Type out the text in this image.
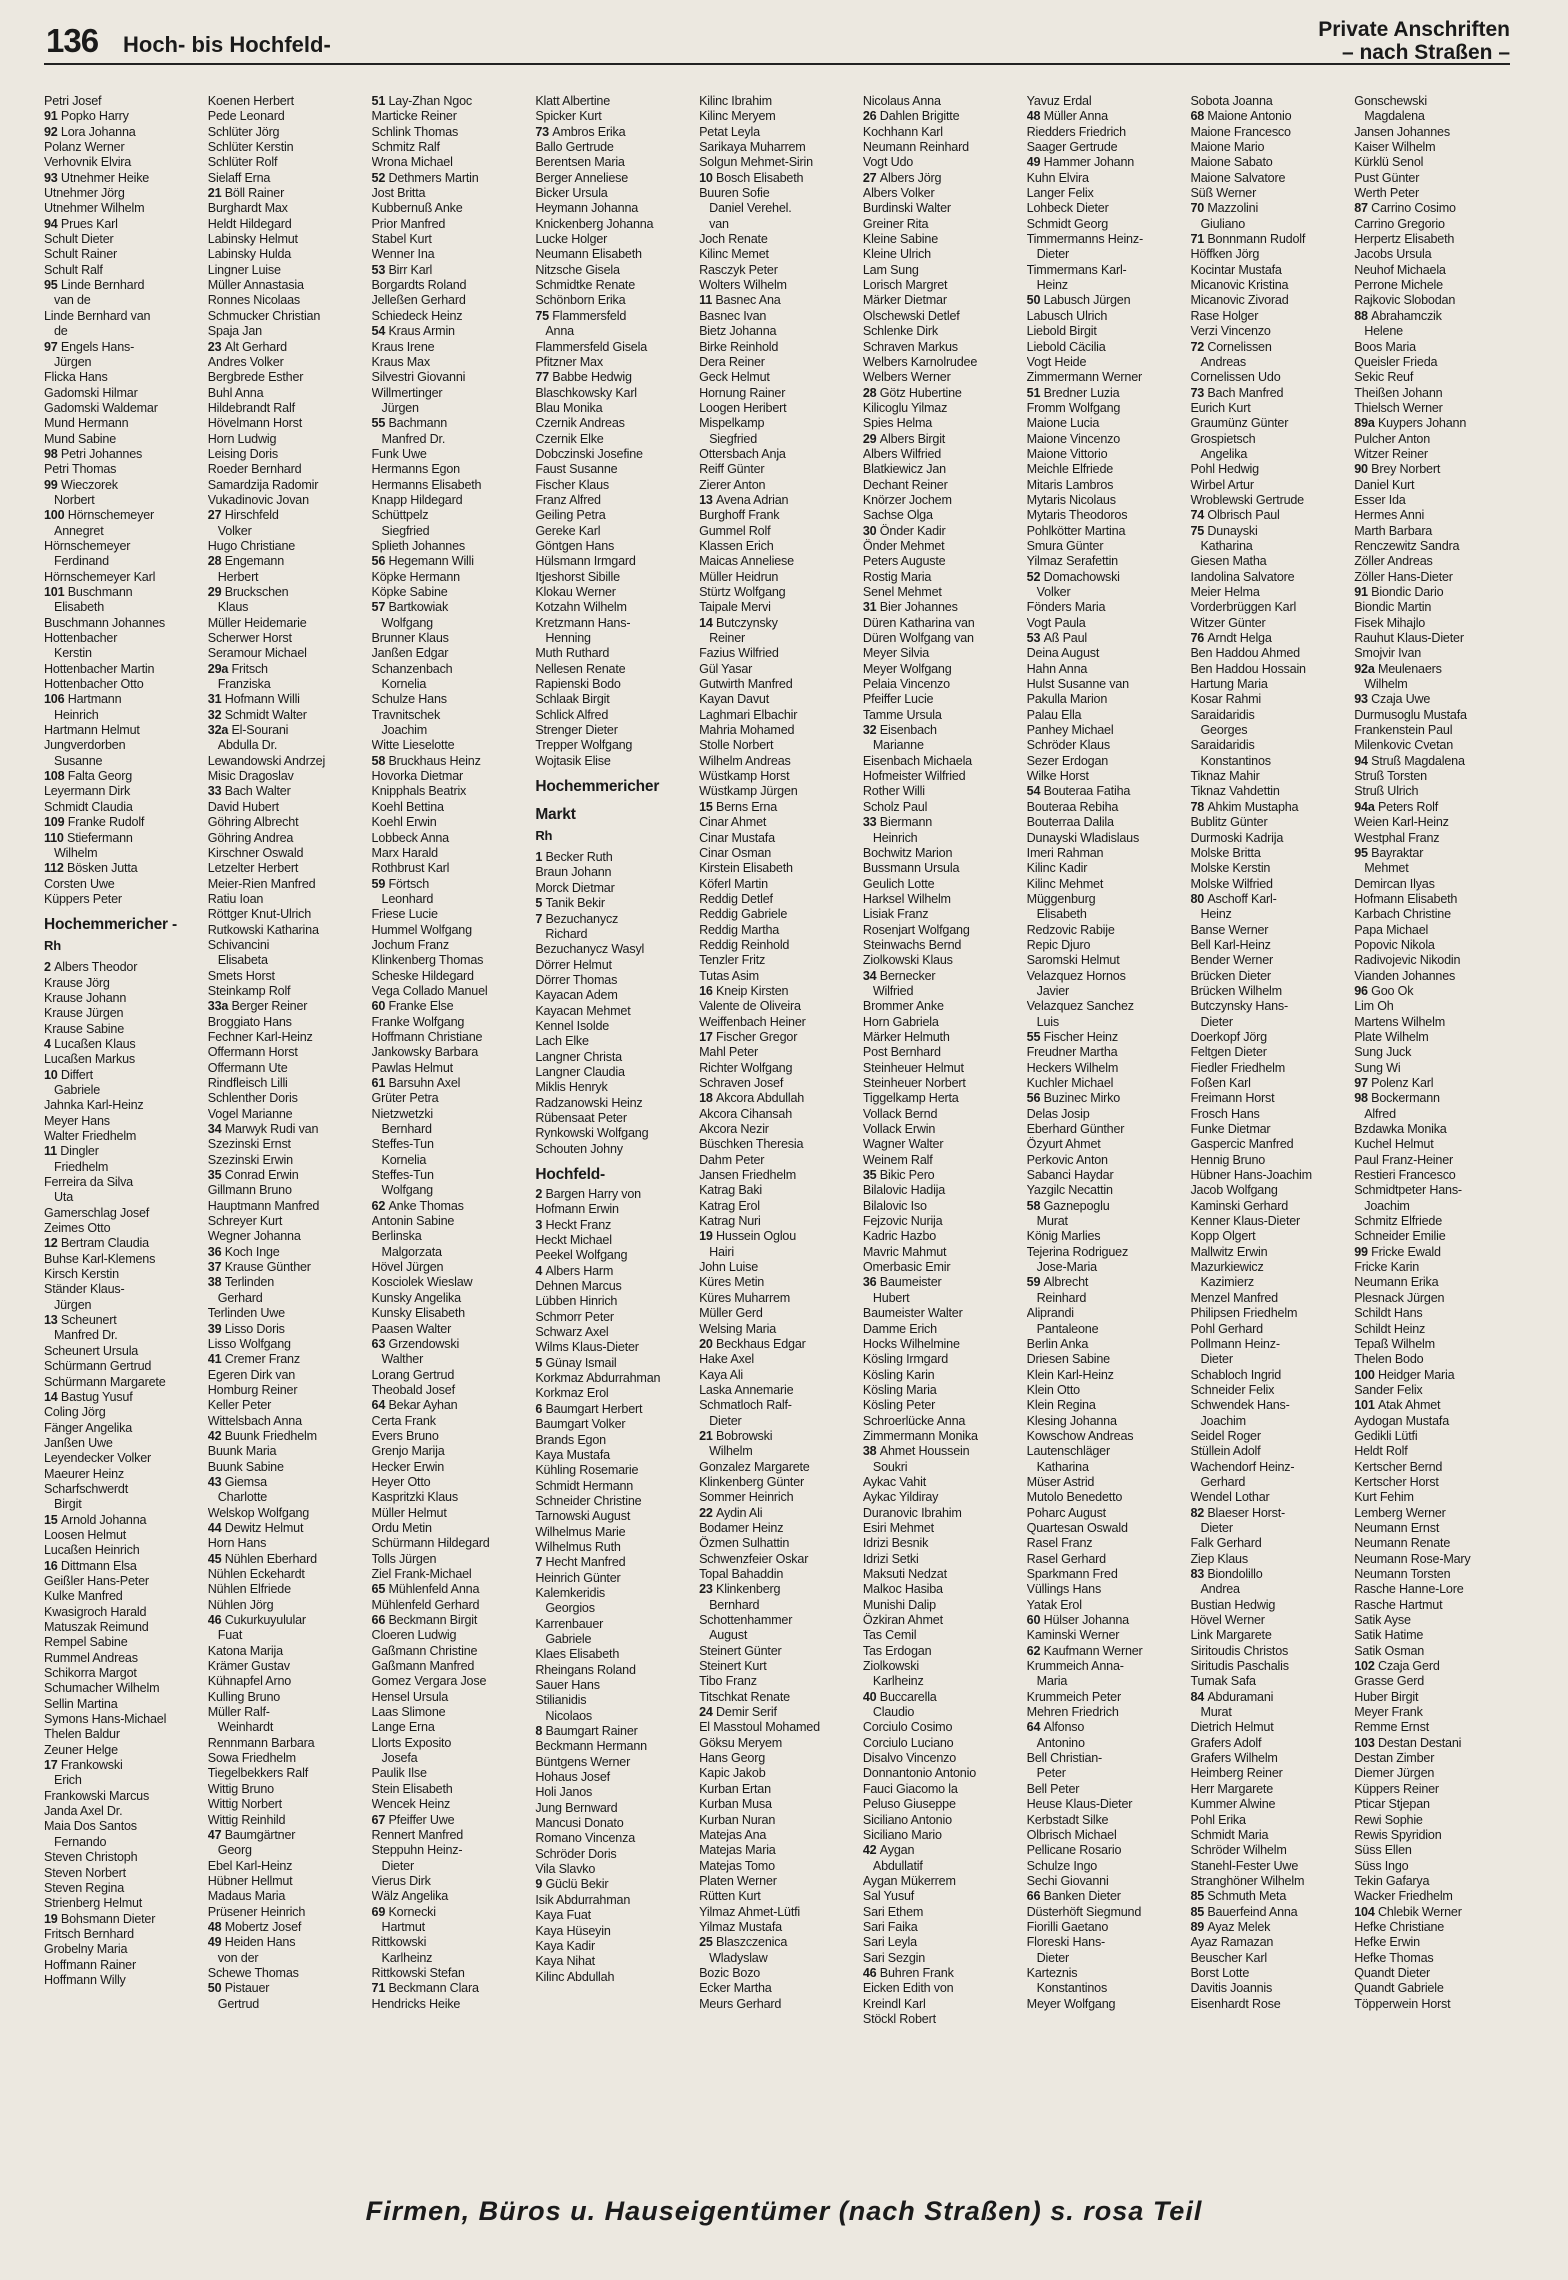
136 Hoch- bis Hochfeld-
Private Anschriften
– nach Straßen –
Petri Josef
91 Popko Harry
92 Lora Johanna
Polanz Werner
Verhovnik Elvira
93 Utnehmer Heike
Utnehmer Jörg
Utnehmer Wilhelm
94 Prues Karl
Schult Dieter
Schult Rainer
Schult Ralf
95 Linde Bernhard
van de
Linde Bernhard van
de
97 Engels Hans-
Jürgen
Flicka Hans
Gadomski Hilmar
Gadomski Waldemar
Mund Hermann
Mund Sabine
98 Petri Johannes
Petri Thomas
99 Wieczorek
Norbert
100 Hörnschemeyer
Annegret
Hörnschemeyer
Ferdinand
Hörnschemeyer Karl
101 Buschmann
Elisabeth
Buschmann Johannes
Hottenbacher
Kerstin
Hottenbacher Martin
Hottenbacher Otto
106 Hartmann
Heinrich
Hartmann Helmut
Jungverdorben
Susanne
108 Falta Georg
Leyermann Dirk
Schmidt Claudia
109 Franke Rudolf
110 Stiefermann
Wilhelm
112 Bösken Jutta
Corsten Uwe
Küppers Peter
Hochemmericher -
Rh
2 Albers Theodor
Krause Jörg
Krause Johann
Krause Jürgen
Krause Sabine
4 Lucaßen Klaus
Lucaßen Markus
10 Differt
Gabriele
Jahnka Karl-Heinz
Meyer Hans
Walter Friedhelm
11 Dingler
Friedhelm
Ferreira da Silva
Uta
Gamerschlag Josef
Zeimes Otto
12 Bertram Claudia
Buhse Karl-Klemens
Kirsch Kerstin
Ständer Klaus-
Jürgen
13 Scheunert
Manfred Dr.
Scheunert Ursula
Schürmann Gertrud
Schürmann Margarete
14 Bastug Yusuf
Coling Jörg
Fänger Angelika
Janßen Uwe
Leyendecker Volker
Maeurer Heinz
Scharfschwerdt
Birgit
15 Arnold Johanna
Loosen Helmut
Lucaßen Heinrich
16 Dittmann Elsa
Geißler Hans-Peter
Kulke Manfred
Kwasigroch Harald
Matuszak Reimund
Rempel Sabine
Rummel Andreas
Schikorra Margot
Schumacher Wilhelm
Sellin Martina
Symons Hans-Michael
Thelen Baldur
Zeuner Helge
17 Frankowski
Erich
Frankowski Marcus
Janda Axel Dr.
Maia Dos Santos
Fernando
Steven Christoph
Steven Norbert
Steven Regina
Strienberg Helmut
19 Bohsmann Dieter
Fritsch Bernhard
Grobelny Maria
Hoffmann Rainer
Hoffmann Willy
Koenen Herbert
Pede Leonard
Schlüter Jörg
Schlüter Kerstin
Schlüter Rolf
Sielaff Erna
21 Böll Rainer
Burghardt Max
Heldt Hildegard
Labinsky Helmut
Labinsky Hulda
Lingner Luise
Müller Annastasia
Ronnes Nicolaas
Schmucker Christian
Spaja Jan
23 Alt Gerhard
Andres Volker
Bergbrede Esther
Buhl Anna
Hildebrandt Ralf
Hövelmann Horst
Horn Ludwig
Leising Doris
Roeder Bernhard
Samardzija Radomir
Vukadinovic Jovan
27 Hirschfeld
Volker
Hugo Christiane
28 Engemann
Herbert
29 Bruckschen
Klaus
Müller Heidemarie
Scherwer Horst
Seramour Michael
29a Fritsch
Franziska
31 Hofmann Willi
32 Schmidt Walter
32a El-Sourani
Abdulla Dr.
Lewandowski Andrzej
Misic Dragoslav
33 Bach Walter
David Hubert
Göhring Albrecht
Göhring Andrea
Kirschner Oswald
Letzelter Herbert
Meier-Rien Manfred
Ratiu Ioan
Röttger Knut-Ulrich
Rutkowski Katharina
Schivancini
Elisabeta
Smets Horst
Steinkamp Rolf
33a Berger Reiner
Broggiato Hans
Fechner Karl-Heinz
Offermann Horst
Offermann Ute
Rindfleisch Lilli
Schlenther Doris
Vogel Marianne
34 Marwyk Rudi van
Szezinski Ernst
Szezinski Erwin
35 Conrad Erwin
Gillmann Bruno
Hauptmann Manfred
Schreyer Kurt
Wegner Johanna
36 Koch Inge
37 Krause Günther
38 Terlinden
Gerhard
Terlinden Uwe
39 Lisso Doris
Lisso Wolfgang
41 Cremer Franz
Egeren Dirk van
Homburg Reiner
Keller Peter
Wittelsbach Anna
42 Buunk Friedhelm
Buunk Maria
Buunk Sabine
43 Giemsa
Charlotte
Welskop Wolfgang
44 Dewitz Helmut
Horn Hans
45 Nühlen Eberhard
Nühlen Eckehardt
Nühlen Elfriede
Nühlen Jörg
46 Cukurkuyulular
Fuat
Katona Marija
Krämer Gustav
Kühnapfel Arno
Kulling Bruno
Müller Ralf-
Weinhardt
Rennmann Barbara
Sowa Friedhelm
Tiegelbekkers Ralf
Wittig Bruno
Wittig Norbert
Wittig Reinhild
47 Baumgärtner
Georg
Ebel Karl-Heinz
Hübner Hellmut
Madaus Maria
Prüsener Heinrich
48 Mobertz Josef
49 Heiden Hans
von der
Schewe Thomas
50 Pistauer
Gertrud
51 Lay-Zhan Ngoc
Marticke Reiner
Schlink Thomas
Schmitz Ralf
Wrona Michael
52 Dethmers Martin
Jost Britta
Kubbernuß Anke
Prior Manfred
Stabel Kurt
Wenner Ina
53 Birr Karl
Borgardts Roland
Jelleßen Gerhard
Schiedeck Heinz
54 Kraus Armin
Kraus Irene
Kraus Max
Silvestri Giovanni
Willmertinger
Jürgen
55 Bachmann
Manfred Dr.
Funk Uwe
Hermanns Egon
Hermanns Elisabeth
Knapp Hildegard
Schüttpelz
Siegfried
Splieth Johannes
56 Hegemann Willi
Köpke Hermann
Köpke Sabine
57 Bartkowiak
Wolfgang
Brunner Klaus
Janßen Edgar
Schanzenbach
Kornelia
Schulze Hans
Travnitschek
Joachim
Witte Lieselotte
58 Bruckhaus Heinz
Hovorka Dietmar
Knipphals Beatrix
Koehl Bettina
Koehl Erwin
Lobbeck Anna
Marx Harald
Rothbrust Karl
59 Förtsch
Leonhard
Friese Lucie
Hummel Wolfgang
Jochum Franz
Klinkenberg Thomas
Scheske Hildegard
Vega Collado Manuel
60 Franke Else
Franke Wolfgang
Hoffmann Christiane
Jankowsky Barbara
Pawlas Helmut
61 Barsuhn Axel
Grüter Petra
Nietzwetzki
Bernhard
Steffes-Tun
Kornelia
Steffes-Tun
Wolfgang
62 Anke Thomas
Antonin Sabine
Berlinska
Malgorzata
Hövel Jürgen
Kosciolek Wieslaw
Kunsky Angelika
Kunsky Elisabeth
Paasen Walter
63 Grzendowski
Walther
Lorang Gertrud
Theobald Josef
64 Bekar Ayhan
Certa Frank
Evers Bruno
Grenjo Marija
Hecker Erwin
Heyer Otto
Kaspritzki Klaus
Müller Helmut
Ordu Metin
Schürmann Hildegard
Tolls Jürgen
Ziel Frank-Michael
65 Mühlenfeld Anna
Mühlenfeld Gerhard
66 Beckmann Birgit
Cloeren Ludwig
Gaßmann Christine
Gaßmann Manfred
Gomez Vergara Jose
Hensel Ursula
Laas Slimone
Lange Erna
Llorts Exposito
Josefa
Paulik Ilse
Stein Elisabeth
Wencek Heinz
67 Pfeiffer Uwe
Rennert Manfred
Steppuhn Heinz-
Dieter
Vierus Dirk
Wälz Angelika
69 Kornecki
Hartmut
Rittkowski
Karlheinz
Rittkowski Stefan
71 Beckmann Clara
Hendricks Heike
Klatt Albertine
Spicker Kurt
73 Ambros Erika
Ballo Gertrude
Berentsen Maria
Berger Anneliese
Bicker Ursula
Heymann Johanna
Knickenberg Johanna
Lucke Holger
Neumann Elisabeth
Nitzsche Gisela
Schmidtke Renate
Schönborn Erika
75 Flammersfeld
Anna
Flammersfeld Gisela
Pfitzner Max
77 Babbe Hedwig
Blaschkowsky Karl
Blau Monika
Czernik Andreas
Czernik Elke
Dobczinski Josefine
Faust Susanne
Fischer Klaus
Franz Alfred
Geiling Petra
Gereke Karl
Göntgen Hans
Hülsmann Irmgard
Itjeshorst Sibille
Klokau Werner
Kotzahn Wilhelm
Kretzmann Hans-
Henning
Muth Ruthard
Nellesen Renate
Rapienski Bodo
Schlaak Birgit
Schlick Alfred
Strenger Dieter
Trepper Wolfgang
Wojtasik Elise
Hochemmericher
Markt
Rh
1 Becker Ruth
Braun Johann
Morck Dietmar
5 Tanik Bekir
7 Bezuchanycz
Richard
Bezuchanycz Wasyl
Dörrer Helmut
Dörrer Thomas
Kayacan Adem
Kayacan Mehmet
Kennel Isolde
Lach Elke
Langner Christa
Langner Claudia
Miklis Henryk
Radzanowski Heinz
Rübensaat Peter
Rynkowski Wolfgang
Schouten Johny
Hochfeld-
2 Bargen Harry von
Hofmann Erwin
3 Heckt Franz
Heckt Michael
Peekel Wolfgang
4 Albers Harm
Dehnen Marcus
Lübben Hinrich
Schmorr Peter
Schwarz Axel
Wilms Klaus-Dieter
5 Günay Ismail
Korkmaz Abdurrahman
Korkmaz Erol
6 Baumgart Herbert
Baumgart Volker
Brands Egon
Kaya Mustafa
Kühling Rosemarie
Schmidt Hermann
Schneider Christine
Tarnowski August
Wilhelmus Marie
Wilhelmus Ruth
7 Hecht Manfred
Heinrich Günter
Kalemkeridis
Georgios
Karrenbauer
Gabriele
Klaes Elisabeth
Rheingans Roland
Sauer Hans
Stilianidis
Nicolaos
8 Baumgart Rainer
Beckmann Hermann
Büntgens Werner
Hohaus Josef
Holi Janos
Jung Bernward
Mancusi Donato
Romano Vincenza
Schröder Doris
Vila Slavko
9 Güclü Bekir
Isik Abdurrahman
Kaya Fuat
Kaya Hüseyin
Kaya Kadir
Kaya Nihat
Kilinc Abdullah
Kilinc Ibrahim
Kilinc Meryem
Petat Leyla
Sarikaya Muharrem
Solgun Mehmet-Sirin
10 Bosch Elisabeth
Buuren Sofie
Daniel Verehel.
van
Joch Renate
Kilinc Memet
Rasczyk Peter
Wolters Wilhelm
11 Basnec Ana
Basnec Ivan
Bietz Johanna
Birke Reinhold
Dera Reiner
Geck Helmut
Hornung Rainer
Loogen Heribert
Mispelkamp
Siegfried
Ottersbach Anja
Reiff Günter
Zierer Anton
13 Avena Adrian
Burghoff Frank
Gummel Rolf
Klassen Erich
Maicas Anneliese
Müller Heidrun
Stürtz Wolfgang
Taipale Mervi
14 Butczynsky
Reiner
Fazius Wilfried
Gül Yasar
Gutwirth Manfred
Kayan Davut
Laghmari Elbachir
Mahria Mohamed
Stolle Norbert
Wilhelm Andreas
Wüstkamp Horst
Wüstkamp Jürgen
15 Berns Erna
Cinar Ahmet
Cinar Mustafa
Cinar Osman
Kirstein Elisabeth
Köferl Martin
Reddig Detlef
Reddig Gabriele
Reddig Martha
Reddig Reinhold
Tenzler Fritz
Tutas Asim
16 Kneip Kirsten
Valente de Oliveira
Weiffenbach Heiner
17 Fischer Gregor
Mahl Peter
Richter Wolfgang
Schraven Josef
18 Akcora Abdullah
Akcora Cihansah
Akcora Nezir
Büschken Theresia
Dahm Peter
Jansen Friedhelm
Katrag Baki
Katrag Erol
Katrag Nuri
19 Hussein Oglou
Hairi
John Luise
Küres Metin
Küres Muharrem
Müller Gerd
Welsing Maria
20 Beckhaus Edgar
Hake Axel
Kaya Ali
Laska Annemarie
Schmatloch Ralf-
Dieter
21 Bobrowski
Wilhelm
Gonzalez Margarete
Klinkenberg Günter
Sommer Heinrich
22 Aydin Ali
Bodamer Heinz
Özmen Sulhattin
Schwenzfeier Oskar
Topal Bahaddin
23 Klinkenberg
Bernhard
Schottenhammer
August
Steinert Günter
Steinert Kurt
Tibo Franz
Titschkat Renate
24 Demir Serif
El Masstoul Mohamed
Göksu Meryem
Hans Georg
Kapic Jakob
Kurban Ertan
Kurban Musa
Kurban Nuran
Matejas Ana
Matejas Maria
Matejas Tomo
Platen Werner
Rütten Kurt
Yilmaz Ahmet-Lütfi
Yilmaz Mustafa
25 Blaszczenica
Wladyslaw
Bozic Bozo
Ecker Martha
Meurs Gerhard
Nicolaus Anna
26 Dahlen Brigitte
Kochhann Karl
Neumann Reinhard
Vogt Udo
27 Albers Jörg
Albers Volker
Burdinski Walter
Greiner Rita
Kleine Sabine
Kleine Ulrich
Lam Sung
Lorisch Margret
Märker Dietmar
Olschewski Detlef
Schlenke Dirk
Schraven Markus
Welbers Karnolrudee
Welbers Werner
28 Götz Hubertine
Kilicoglu Yilmaz
Spies Helma
29 Albers Birgit
Albers Wilfried
Blatkiewicz Jan
Dechant Reiner
Knörzer Jochem
Sachse Olga
30 Önder Kadir
Önder Mehmet
Peters Auguste
Rostig Maria
Senel Mehmet
31 Bier Johannes
Düren Katharina van
Düren Wolfgang van
Meyer Silvia
Meyer Wolfgang
Pelaia Vincenzo
Pfeiffer Lucie
Tamme Ursula
32 Eisenbach
Marianne
Eisenbach Michaela
Hofmeister Wilfried
Rother Willi
Scholz Paul
33 Biermann
Heinrich
Bochwitz Marion
Bussmann Ursula
Geulich Lotte
Harksel Wilhelm
Lisiak Franz
Rosenjart Wolfgang
Steinwachs Bernd
Ziolkowski Klaus
34 Bernecker
Wilfried
Brommer Anke
Horn Gabriela
Märker Helmuth
Post Bernhard
Steinheuer Helmut
Steinheuer Norbert
Tiggelkamp Herta
Vollack Bernd
Vollack Erwin
Wagner Walter
Weinem Ralf
35 Bikic Pero
Bilalovic Hadija
Bilalovic Iso
Fejzovic Nurija
Kadric Hazbo
Mavric Mahmut
Omerbasic Emir
36 Baumeister
Hubert
Baumeister Walter
Damme Erich
Hocks Wilhelmine
Kösling Irmgard
Kösling Karin
Kösling Maria
Kösling Peter
Schroerlücke Anna
Zimmermann Monika
38 Ahmet Houssein
Soukri
Aykac Vahit
Aykac Yildiray
Duranovic Ibrahim
Esiri Mehmet
Idrizi Besnik
Idrizi Setki
Maksuti Nedzat
Malkoc Hasiba
Munishi Dalip
Özkiran Ahmet
Tas Cemil
Tas Erdogan
Ziolkowski
Karlheinz
40 Buccarella
Claudio
Corciulo Cosimo
Corciulo Luciano
Disalvo Vincenzo
Donnantonio Antonio
Fauci Giacomo la
Peluso Giuseppe
Siciliano Antonio
Siciliano Mario
42 Aygan
Abdullatif
Aygan Mükerrem
Sal Yusuf
Sari Ethem
Sari Faika
Sari Leyla
Sari Sezgin
46 Buhren Frank
Eicken Edith von
Kreindl Karl
Stöckl Robert
Yavuz Erdal
48 Müller Anna
Riedders Friedrich
Saager Gertrude
49 Hammer Johann
Kuhn Elvira
Langer Felix
Lohbeck Dieter
Schmidt Georg
Timmermanns Heinz-
Dieter
Timmermans Karl-
Heinz
50 Labusch Jürgen
Labusch Ulrich
Liebold Birgit
Liebold Cäcilia
Vogt Heide
Zimmermann Werner
51 Bredner Luzia
Fromm Wolfgang
Maione Lucia
Maione Vincenzo
Maione Vittorio
Meichle Elfriede
Mitaris Lambros
Mytaris Nicolaus
Mytaris Theodoros
Pohlkötter Martina
Smura Günter
Yilmaz Serafettin
52 Domachowski
Volker
Fönders Maria
Vogt Paula
53 Aß Paul
Deina August
Hahn Anna
Hulst Susanne van
Pakulla Marion
Palau Ella
Panhey Michael
Schröder Klaus
Sezer Erdogan
Wilke Horst
54 Bouteraa Fatiha
Bouteraa Rebiha
Bouterraa Dalila
Dunayski Wladislaus
Imeri Rahman
Kilinc Kadir
Kilinc Mehmet
Müggenburg
Elisabeth
Redzovic Rabije
Repic Djuro
Saromski Helmut
Velazquez Hornos
Javier
Velazquez Sanchez
Luis
55 Fischer Heinz
Freudner Martha
Heckers Wilhelm
Kuchler Michael
56 Buzinec Mirko
Delas Josip
Eberhard Günther
Özyurt Ahmet
Perkovic Anton
Sabanci Haydar
Yazgilc Necattin
58 Gaznepoglu
Murat
König Marlies
Tejerina Rodriguez
Jose-Maria
59 Albrecht
Reinhard
Aliprandi
Pantaleone
Berlin Anka
Driesen Sabine
Klein Karl-Heinz
Klein Otto
Klein Regina
Klesing Johanna
Kowschow Andreas
Lautenschläger
Katharina
Müser Astrid
Mutolo Benedetto
Poharc August
Quartesan Oswald
Rasel Franz
Rasel Gerhard
Sparkmann Fred
Vüllings Hans
Yatak Erol
60 Hülser Johanna
Kaminski Werner
62 Kaufmann Werner
Krummeich Anna-
Maria
Krummeich Peter
Mehren Friedrich
64 Alfonso
Antonino
Bell Christian-
Peter
Bell Peter
Heuse Klaus-Dieter
Kerbstadt Silke
Olbrisch Michael
Pellicane Rosario
Schulze Ingo
Sechi Giovanni
66 Banken Dieter
Düsterhöft Siegmund
Fiorilli Gaetano
Floreski Hans-
Dieter
Karteznis
Konstantinos
Meyer Wolfgang
Sobota Joanna
68 Maione Antonio
Maione Francesco
Maione Mario
Maione Sabato
Maione Salvatore
Süß Werner
70 Mazzolini
Giuliano
71 Bonnmann Rudolf
Höffken Jörg
Kocintar Mustafa
Micanovic Kristina
Micanovic Zivorad
Rase Holger
Verzi Vincenzo
72 Cornelissen
Andreas
Cornelissen Udo
73 Bach Manfred
Eurich Kurt
Graumünz Günter
Grospietsch
Angelika
Pohl Hedwig
Wirbel Artur
Wroblewski Gertrude
74 Olbrisch Paul
75 Dunayski
Katharina
Giesen Matha
Iandolina Salvatore
Meier Helma
Vorderbrüggen Karl
Witzer Günter
76 Arndt Helga
Ben Haddou Ahmed
Ben Haddou Hossain
Hartung Maria
Kosar Rahmi
Saraidaridis
Georges
Saraidaridis
Konstantinos
Tiknaz Mahir
Tiknaz Vahdettin
78 Ahkim Mustapha
Bublitz Günter
Durmoski Kadrija
Molske Britta
Molske Kerstin
Molske Wilfried
80 Aschoff Karl-
Heinz
Banse Werner
Bell Karl-Heinz
Bender Werner
Brücken Dieter
Brücken Wilhelm
Butczynsky Hans-
Dieter
Doerkopf Jörg
Feltgen Dieter
Fiedler Friedhelm
Foßen Karl
Freimann Horst
Frosch Hans
Funke Dietmar
Gaspercic Manfred
Hennig Bruno
Hübner Hans-Joachim
Jacob Wolfgang
Kaminski Gerhard
Kenner Klaus-Dieter
Kopp Olgert
Mallwitz Erwin
Mazurkiewicz
Kazimierz
Menzel Manfred
Philipsen Friedhelm
Pohl Gerhard
Pollmann Heinz-
Dieter
Schabloch Ingrid
Schneider Felix
Schwendek Hans-
Joachim
Seidel Roger
Stüllein Adolf
Wachendorf Heinz-
Gerhard
Wendel Lothar
82 Blaeser Horst-
Dieter
Falk Gerhard
Ziep Klaus
83 Biondolillo
Andrea
Bustian Hedwig
Hövel Werner
Link Margarete
Siritoudis Christos
Siritudis Paschalis
Tumak Safa
84 Abduramani
Murat
Dietrich Helmut
Grafers Adolf
Grafers Wilhelm
Heimberg Reiner
Herr Margarete
Kummer Alwine
Pohl Erika
Schmidt Maria
Schröder Wilhelm
Stanehl-Fester Uwe
Stranghöner Wilhelm
85 Schmuth Meta
85 Bauerfeind Anna
89 Ayaz Melek
Ayaz Ramazan
Beuscher Karl
Borst Lotte
Davitis Joannis
Eisenhardt Rose
Gonschewski
Magdalena
Jansen Johannes
Kaiser Wilhelm
Kürklü Senol
Pust Günter
Werth Peter
87 Carrino Cosimo
Carrino Gregorio
Herpertz Elisabeth
Jacobs Ursula
Neuhof Michaela
Perrone Michele
Rajkovic Slobodan
88 Abrahamczik
Helene
Boos Maria
Queisler Frieda
Sekic Reuf
Theißen Johann
Thielsch Werner
89a Kuypers Johann
Pulcher Anton
Witzer Reiner
90 Brey Norbert
Daniel Kurt
Esser Ida
Hermes Anni
Marth Barbara
Renczewitz Sandra
Zöller Andreas
Zöller Hans-Dieter
91 Biondic Dario
Biondic Martin
Fisek Mihajlo
Rauhut Klaus-Dieter
Smojvir Ivan
92a Meulenaers
Wilhelm
93 Czaja Uwe
Durmusoglu Mustafa
Frankenstein Paul
Milenkovic Cvetan
94 Struß Magdalena
Struß Torsten
Struß Ulrich
94a Peters Rolf
Weien Karl-Heinz
Westphal Franz
95 Bayraktar
Mehmet
Demircan Ilyas
Hofmann Elisabeth
Karbach Christine
Papa Michael
Popovic Nikola
Radivojevic Nikodin
Vianden Johannes
96 Goo Ok
Lim Oh
Martens Wilhelm
Plate Wilhelm
Sung Juck
Sung Wi
97 Polenz Karl
98 Bockermann
Alfred
Bzdawka Monika
Kuchel Helmut
Paul Franz-Heiner
Restieri Francesco
Schmidtpeter Hans-
Joachim
Schmitz Elfriede
Schneider Emilie
99 Fricke Ewald
Fricke Karin
Neumann Erika
Plesnack Jürgen
Schildt Hans
Schildt Heinz
Tepaß Wilhelm
Thelen Bodo
100 Heidger Maria
Sander Felix
101 Atak Ahmet
Aydogan Mustafa
Gedikli Lütfi
Heldt Rolf
Kertscher Bernd
Kertscher Horst
Kurt Fehim
Lemberg Werner
Neumann Ernst
Neumann Renate
Neumann Rose-Mary
Neumann Torsten
Rasche Hanne-Lore
Rasche Hartmut
Satik Ayse
Satik Hatime
Satik Osman
102 Czaja Gerd
Grasse Gerd
Huber Birgit
Meyer Frank
Remme Ernst
103 Destan Destani
Destan Zimber
Diemer Jürgen
Küppers Reiner
Pticar Stjepan
Rewi Sophie
Rewis Spyridion
Süss Ellen
Süss Ingo
Tekin Gafarya
Wacker Friedhelm
104 Chlebik Werner
Hefke Christiane
Hefke Erwin
Hefke Thomas
Quandt Dieter
Quandt Gabriele
Töpperwein Horst
Firmen, Büros u. Hauseigentümer (nach Straßen) s. rosa Teil
